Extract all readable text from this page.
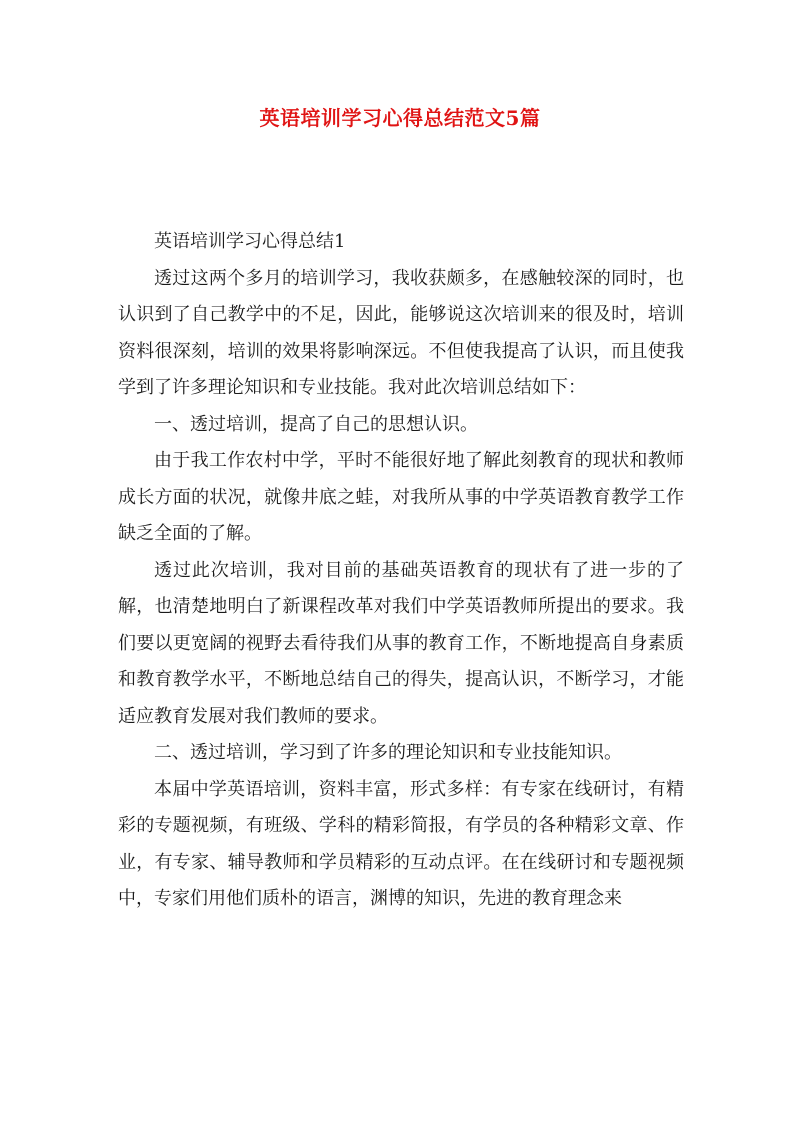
英语培训学习心得总结范文5篇

英语培训学习心得总结1

透过这两个多月的培训学习，我收获颇多，在感触较深的同时，也认识到了自己教学中的不足，因此，能够说这次培训来的很及时，培训资料很深刻，培训的效果将影响深远。不但使我提高了认识，而且使我学到了许多理论知识和专业技能。我对此次培训总结如下：

一、透过培训，提高了自己的思想认识。

由于我工作农村中学，平时不能很好地了解此刻教育的现状和教师成长方面的状况，就像井底之蛙，对我所从事的中学英语教育教学工作缺乏全面的了解。

透过此次培训，我对目前的基础英语教育的现状有了进一步的了解，也清楚地明白了新课程改革对我们中学英语教师所提出的要求。我们要以更宽阔的视野去看待我们从事的教育工作，不断地提高自身素质和教育教学水平，不断地总结自己的得失，提高认识，不断学习，才能适应教育发展对我们教师的要求。

二、透过培训，学习到了许多的理论知识和专业技能知识。

本届中学英语培训，资料丰富，形式多样：有专家在线研讨，有精彩的专题视频，有班级、学科的精彩简报，有学员的各种精彩文章、作业，有专家、辅导教师和学员精彩的互动点评。在在线研讨和专题视频中，专家们用他们质朴的语言，渊博的知识，先进的教育理念来
